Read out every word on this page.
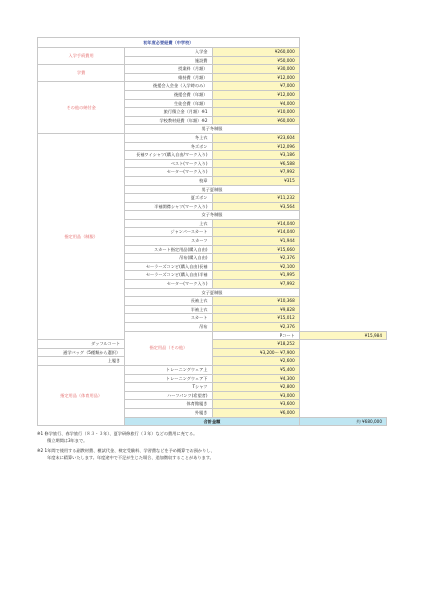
初年度必要経費（中学校）			
入学手続費用	入学金	¥260,000	
	施設費	¥50,000	
学費	授業料（月額）	¥30,000	
	維持費（月額）	¥12,000	
その他の納付金	後援会入会金（入学時のみ）	¥7,000	
	後援会費（年額）	¥12,000	
	生徒会費（年額）	¥4,000	
	旅行積立金（月額）※1	¥10,000	
	学校教材経費（年額）※2	¥60,000	
	男子冬制服		
指定用品（制服）	冬上衣	¥23,604	
	冬ズボン	¥12,096	
	長袖ワイシャツ(購入自由/マーク入り)	¥3,186	
	ベスト(マーク入り)	¥6,588	
	セーター(マーク入り)	¥7,992	
	校章	¥315	
	男子夏制服		
	夏ズボン	¥11,232	
	半袖開襟シャツ(マーク入り)	¥3,564	
	女子冬制服		
	上衣	¥14,040	
	ジャンパースカート	¥14,040	
	スカーフ	¥1,944	
	スカート指定用品(購入自由)	¥15,660	
	吊布(購入自由)	¥2,376	
	セーラーズコンビ(購入自由)長袖	¥2,100	
	セーラーズコンビ(購入自由)半袖	¥1,995	
	セーター(マーク入り)	¥7,992	
	女子夏制服		
	長袖上衣	¥10,368	
	半袖上衣	¥9,828	
	スカート	¥15,012	
	吊布	¥2,376	
	指定用品（その他）	Pコート	¥15,984
ダッフルコート		¥18,252	
通学バッグ（5種類から選択）		¥3,200〜 ¥7,900	
上履き		¥2,600	
指定用品（体育用品）	トレーニングウェア上	¥5,400	
	トレーニングウェア下	¥4,300	
	Tシャツ	¥2,800	
	ハーフパンツ(希望者)	¥3,000	
	体育館履き	¥3,600	
	外履き	¥6,000	
	合計金額		約 ¥680,000

※1 修学旅行、春学旅行（８３・３年）、夏学研修旅行（３年）などの費用に充てる。
積立期間は3年まで。

※2 1年間で使用する副教材費、模試代金、検定受験料、学習費などを予め概算でお預かりし、
年度末に精算いたします。年度途中で不足が生じた場合、追加徴収することがあります。
